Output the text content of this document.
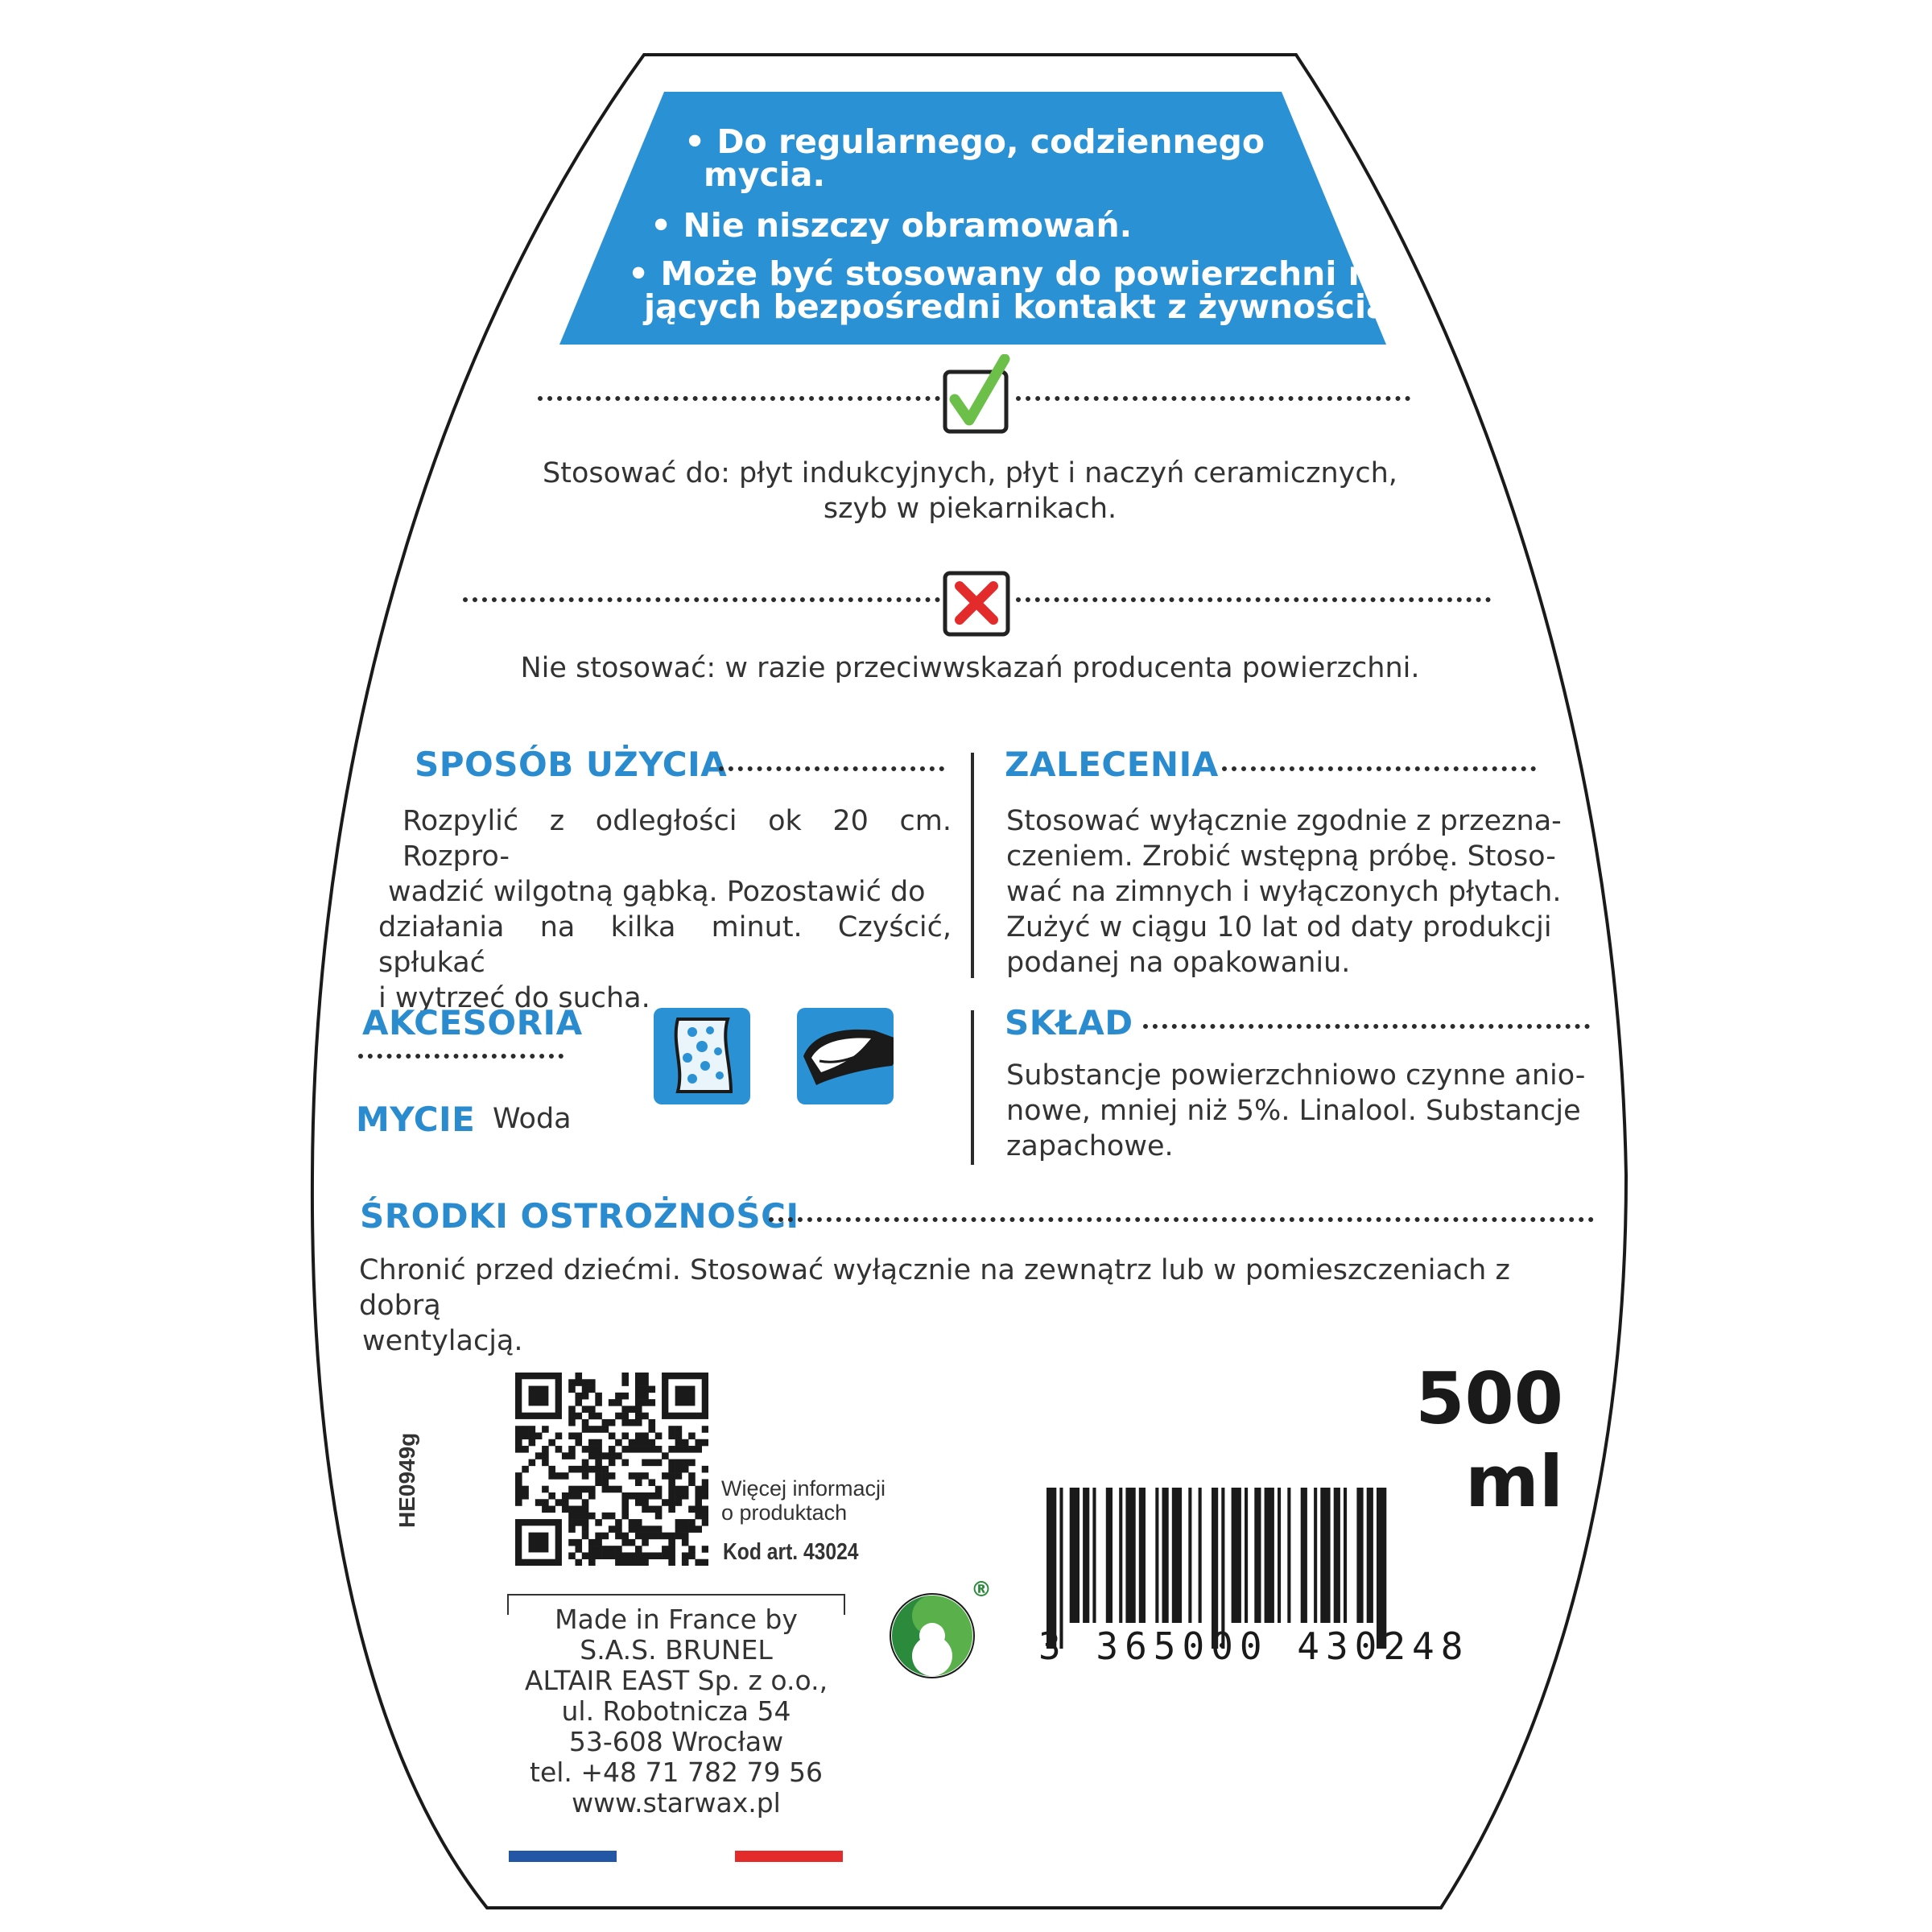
• Do regularnego, codziennego
mycia.
• Nie niszczy obramowań.
• Może być stosowany do powierzchni ma-
jących bezpośredni kontakt z żywnością.
Stosować do: płyt indukcyjnych, płyt i naczyń ceramicznych,
szyb w piekarnikach.
Nie stosować: w razie przeciwwskazań producenta powierzchni.
SPOSÓB UŻYCIA
Rozpylić z odległości ok 20 cm. Rozpro-
wadzić wilgotną gąbką. Pozostawić do
działania na kilka minut. Czyścić, spłukać
i wytrzeć do sucha.
ZALECENIA
Stosować wyłącznie zgodnie z przezna-
czeniem. Zrobić wstępną próbę. Stoso-
wać na zimnych i wyłączonych płytach.
Zużyć w ciągu 10 lat od daty produkcji
podanej na opakowaniu.
AKCESORIA
MYCIE Woda
SKŁAD
Substancje powierzchniowo czynne anio-
nowe, mniej niż 5%. Linalool. Substancje
zapachowe.
ŚRODKI OSTROŻNOŚCI
Chronić przed dziećmi. Stosować wyłącznie na zewnątrz lub w pomieszczeniach z dobrą
wentylacją.
Więcej informacji
o produktach
Kod art. 43024
HE0949g
Made in France by
S.A.S. BRUNEL
ALTAIR EAST Sp. z o.o.,
ul. Robotnicza 54
53-608 Wrocław
tel. +48 71 782 79 56
www.starwax.pl
®
500 ml
3 365000 430248
